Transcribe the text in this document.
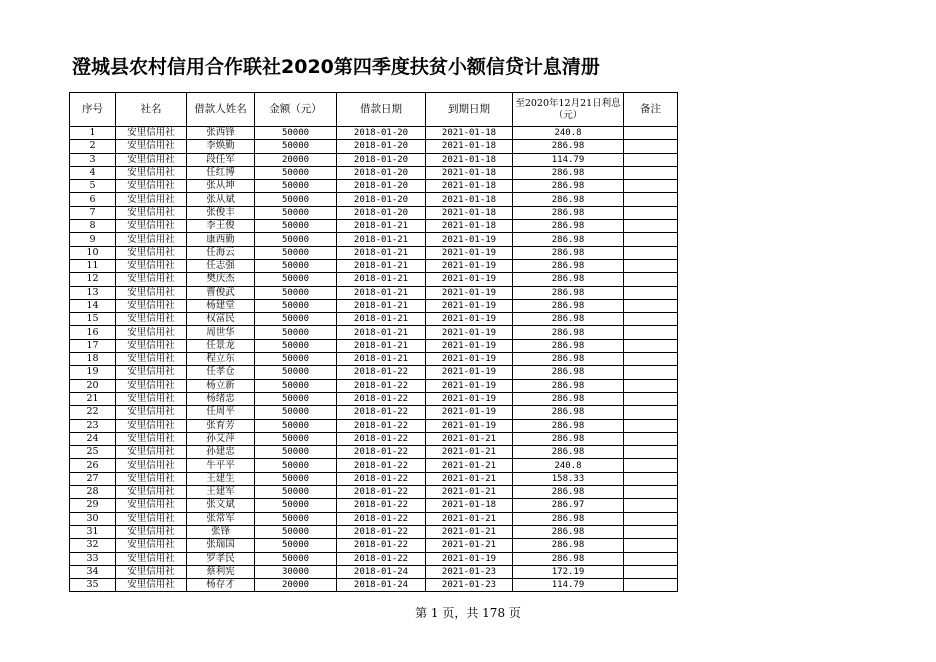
澄城县农村信用合作联社2020第四季度扶贫小额信贷计息清册
序号	社名	借款人姓名	金额（元）	借款日期	到期日期	至2020年12月21日利息（元）	备注
1	安里信用社	张西锋	50000	2018-01-20	2021-01-18	240.8	
2	安里信用社	李焕勤	50000	2018-01-20	2021-01-18	286.98	
3	安里信用社	段任军	20000	2018-01-20	2021-01-18	114.79	
4	安里信用社	任红博	50000	2018-01-20	2021-01-18	286.98	
5	安里信用社	张从坤	50000	2018-01-20	2021-01-18	286.98	
6	安里信用社	张从斌	50000	2018-01-20	2021-01-18	286.98	
7	安里信用社	张俊丰	50000	2018-01-20	2021-01-18	286.98	
8	安里信用社	李王俊	50000	2018-01-21	2021-01-18	286.98	
9	安里信用社	康西勤	50000	2018-01-21	2021-01-19	286.98	
10	安里信用社	任海云	50000	2018-01-21	2021-01-19	286.98	
11	安里信用社	任志强	50000	2018-01-21	2021-01-19	286.98	
12	安里信用社	樊庆杰	50000	2018-01-21	2021-01-19	286.98	
13	安里信用社	曹俊武	50000	2018-01-21	2021-01-19	286.98	
14	安里信用社	杨建堂	50000	2018-01-21	2021-01-19	286.98	
15	安里信用社	权富民	50000	2018-01-21	2021-01-19	286.98	
16	安里信用社	周世华	50000	2018-01-21	2021-01-19	286.98	
17	安里信用社	任景龙	50000	2018-01-21	2021-01-19	286.98	
18	安里信用社	程立东	50000	2018-01-21	2021-01-19	286.98	
19	安里信用社	任孝仓	50000	2018-01-22	2021-01-19	286.98	
20	安里信用社	杨立新	50000	2018-01-22	2021-01-19	286.98	
21	安里信用社	杨绪忠	50000	2018-01-22	2021-01-19	286.98	
22	安里信用社	任周平	50000	2018-01-22	2021-01-19	286.98	
23	安里信用社	张育芳	50000	2018-01-22	2021-01-19	286.98	
24	安里信用社	孙艾萍	50000	2018-01-22	2021-01-21	286.98	
25	安里信用社	孙建忠	50000	2018-01-22	2021-01-21	286.98	
26	安里信用社	牛平平	50000	2018-01-22	2021-01-21	240.8	
27	安里信用社	王建生	50000	2018-01-22	2021-01-21	158.33	
28	安里信用社	王建军	50000	2018-01-22	2021-01-21	286.98	
29	安里信用社	张文斌	50000	2018-01-22	2021-01-18	286.97	
30	安里信用社	张常军	50000	2018-01-22	2021-01-21	286.98	
31	安里信用社	张锋	50000	2018-01-22	2021-01-21	286.98	
32	安里信用社	张瑞国	50000	2018-01-22	2021-01-21	286.98	
33	安里信用社	罗孝民	50000	2018-01-22	2021-01-19	286.98	
34	安里信用社	蔡利宪	30000	2018-01-24	2021-01-23	172.19	
35	安里信用社	杨存才	20000	2018-01-24	2021-01-23	114.79	
第 1 页，共 178 页
